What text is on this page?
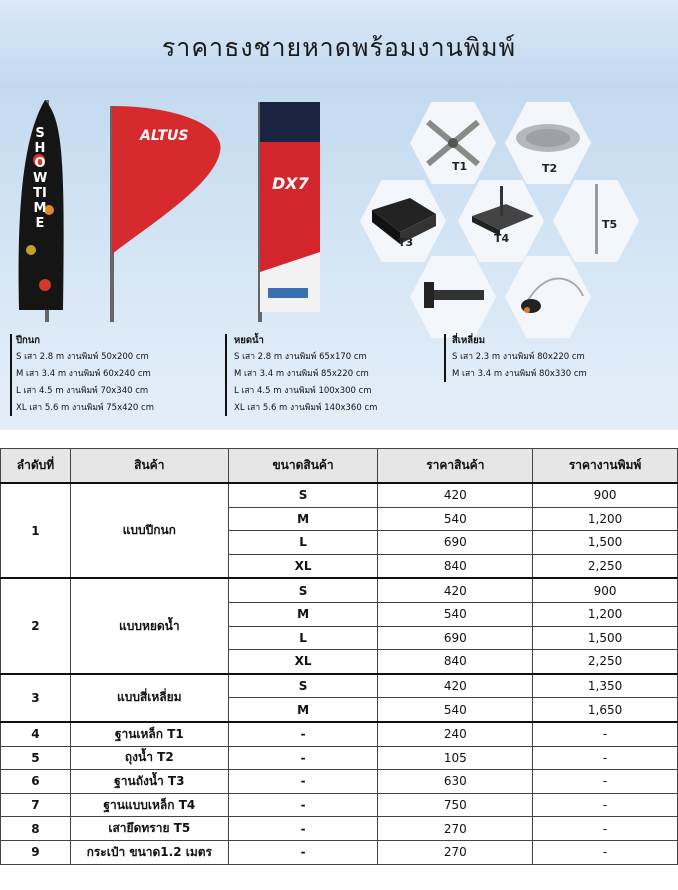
ราคาธงชายหาดพร้อมงานพิมพ์
SHOW TIME
ALTUS
DX7
T1	T2
T3	T4
T5
ปีกนก
S เสา 2.8 m งานพิมพ์ 50x200 cm
M เสา 3.4 m งานพิมพ์ 60x240 cm
L เสา 4.5 m งานพิมพ์ 70x340 cm
XL เสา 5.6 m งานพิมพ์ 75x420 cm
หยดน้ำ
S เสา 2.8 m งานพิมพ์ 65x170 cm
M เสา 3.4 m งานพิมพ์ 85x220 cm
L เสา 4.5 m งานพิมพ์ 100x300 cm
XL เสา 5.6 m งานพิมพ์ 140x360 cm
สี่เหลี่ยม
S เสา 2.3 m งานพิมพ์ 80x220 cm
M เสา 3.4 m งานพิมพ์ 80x330 cm
ลำดับที่	สินค้า	ขนาดสินค้า	ราคาสินค้า	ราคางานพิมพ์
1	แบบปีกนก	S	420	900
		M	540	1,200
		L	690	1,500
		XL	840	2,250
2	แบบหยดน้ำ	S	420	900
		M	540	1,200
		L	690	1,500
		XL	840	2,250
3	แบบสี่เหลี่ยม	S	420	1,350
		M	540	1,650
4	ฐานเหล็ก T1	-	240	-
5	ถุงน้ำ T2	-	105	-
6	ฐานถังน้ำ T3	-	630	-
7	ฐานแบบเหล็ก T4	-	750	-
8	เสายึดทราย T5	-	270	-
9	กระเป๋า ขนาด1.2 เมตร	-	270	-
